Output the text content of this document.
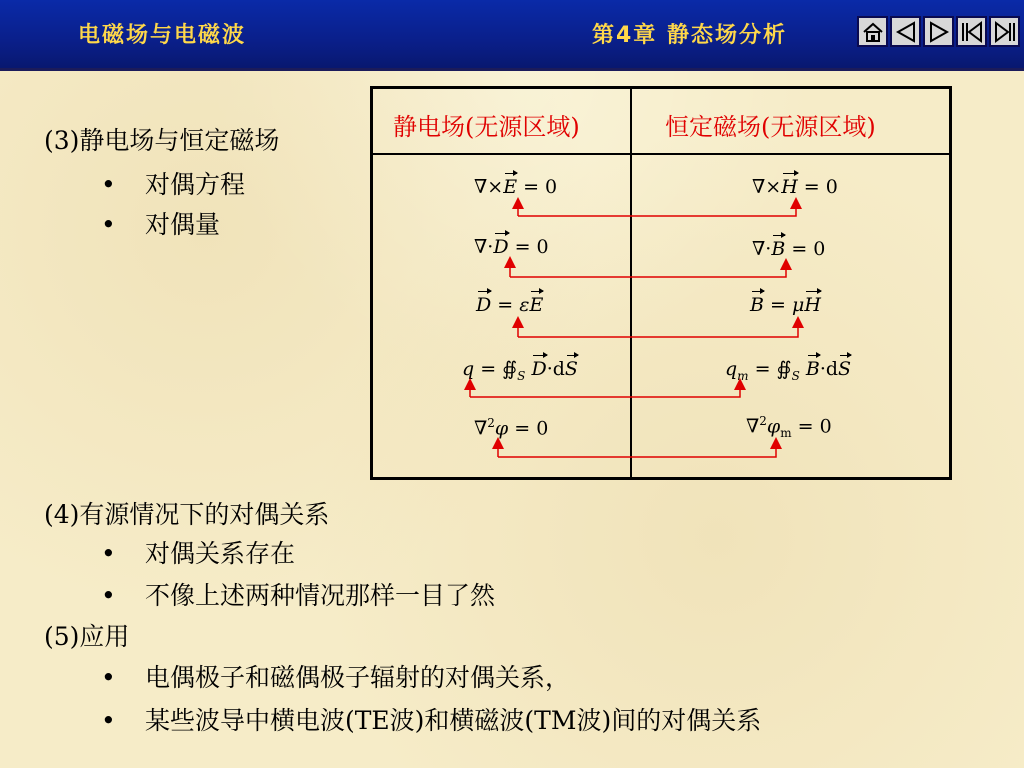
电磁场与电磁波	第4章 静态场分析
(3)静电场与恒定磁场
•	对偶方程
•	对偶量
静电场(无源区域)	恒定磁场(无源区域)
∇×E = 0	∇×H = 0
∇·D = 0	∇·B = 0
D = εE	B = μH
$q = ∯_S$ D·dS	$q_m$ = $∯_S$ B·dS
∇$^2$φ = 0	$\nabla^2\varphi_m = 0$
(4)有源情况下的对偶关系
•	对偶关系存在
•	不像上述两种情况那样一目了然
(5)应用
•	电偶极子和磁偶极子辐射的对偶关系，
•	某些波导中横电波(TE波)和横磁波(TM波)间的对偶关系
